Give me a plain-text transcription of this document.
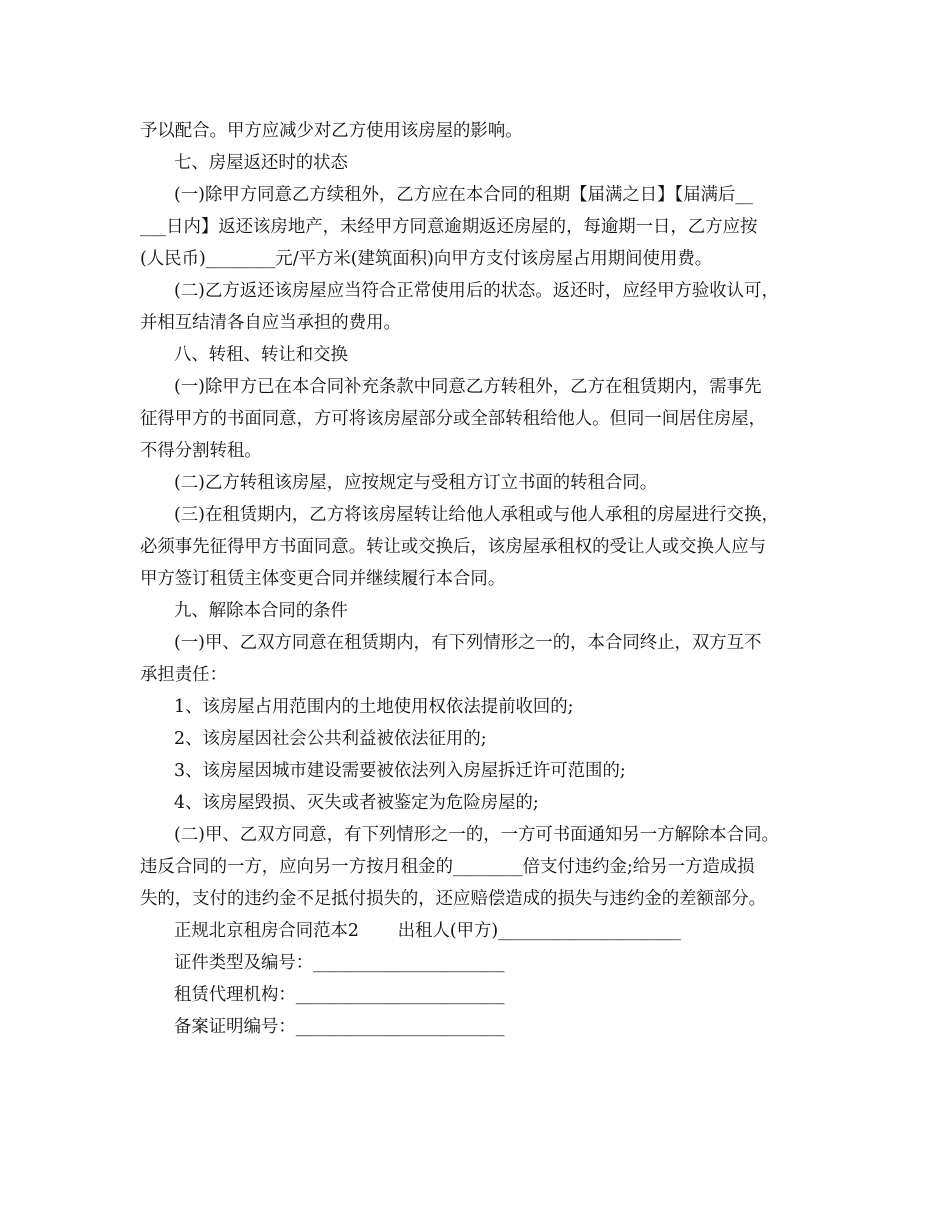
予以配合。甲方应减少对乙方使用该房屋的影响。
七、房屋返还时的状态
(一)除甲方同意乙方续租外，乙方应在本合同的租期【届满之日】【届满后__
___日内】返还该房地产，未经甲方同意逾期返还房屋的，每逾期一日，乙方应按
(人民币)________元/平方米(建筑面积)向甲方支付该房屋占用期间使用费。
(二)乙方返还该房屋应当符合正常使用后的状态。返还时，应经甲方验收认可，
并相互结清各自应当承担的费用。
八、转租、转让和交换
(一)除甲方已在本合同补充条款中同意乙方转租外，乙方在租赁期内，需事先
征得甲方的书面同意，方可将该房屋部分或全部转租给他人。但同一间居住房屋，
不得分割转租。
(二)乙方转租该房屋，应按规定与受租方订立书面的转租合同。
(三)在租赁期内，乙方将该房屋转让给他人承租或与他人承租的房屋进行交换，
必须事先征得甲方书面同意。转让或交换后，该房屋承租权的受让人或交换人应与
甲方签订租赁主体变更合同并继续履行本合同。
九、解除本合同的条件
(一)甲、乙双方同意在租赁期内，有下列情形之一的，本合同终止，双方互不
承担责任：
1、该房屋占用范围内的土地使用权依法提前收回的;
2、该房屋因社会公共利益被依法征用的;
3、该房屋因城市建设需要被依法列入房屋拆迁许可范围的;
4、该房屋毁损、灭失或者被鉴定为危险房屋的;
(二)甲、乙双方同意，有下列情形之一的，一方可书面通知另一方解除本合同。
违反合同的一方，应向另一方按月租金的________倍支付违约金;给另一方造成损
失的，支付的违约金不足抵付损失的，还应赔偿造成的损失与违约金的差额部分。
正规北京租房合同范本2       出租人(甲方)_____________________
证件类型及编号：______________________
租赁代理机构：________________________
备案证明编号：________________________
